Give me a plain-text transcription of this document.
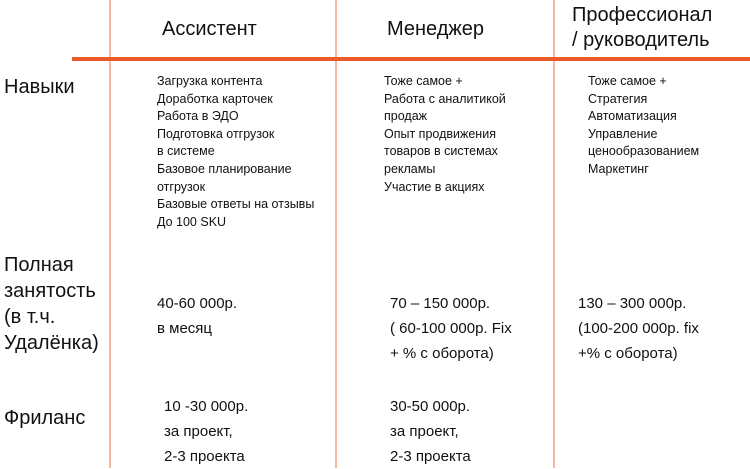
Ассистент	Менеджер
Профессионал
/ руководитель
Навыки
Полная
занятость
(в т.ч.
Удалёнка)
Фриланс
Загрузка контента
Доработка карточек
Работа в ЭДО
Подготовка отгрузок
в системе
Базовое планирование
отгрузок
Базовые ответы на отзывы
До 100 SKU
Тоже самое +
Работа с аналитикой
продаж
Опыт продвижения
товаров в системах
рекламы
Участие в акциях
Тоже самое +
Стратегия
Автоматизация
Управление
ценообразованием
Маркетинг
40-60 000р.
в месяц
70 – 150 000р.
( 60-100 000р. Fix
+ % с оборота)
130 – 300 000р.
(100-200 000р. fix
+% с оборота)
10 -30 000р.
за проект,
2-3 проекта
30-50 000р.
за проект,
2-3 проекта
